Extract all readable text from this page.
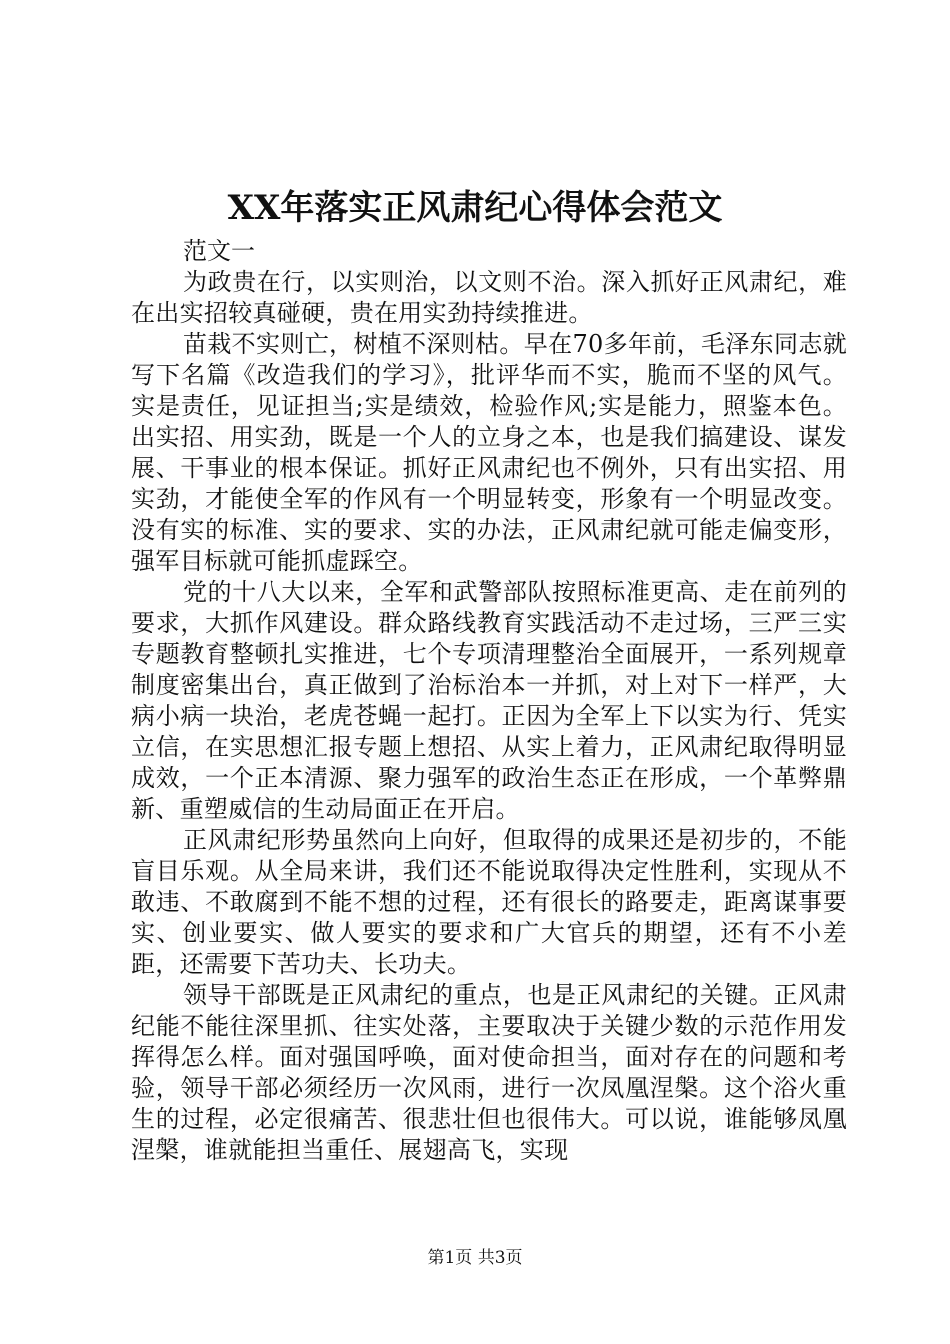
XX年落实正风肃纪心得体会范文

范文一

为政贵在行，以实则治，以文则不治。深入抓好正风肃纪，难在出实招较真碰硬，贵在用实劲持续推进。

苗栽不实则亡，树植不深则枯。早在70多年前，毛泽东同志就写下名篇《改造我们的学习》，批评华而不实，脆而不坚的风气。实是责任，见证担当;实是绩效，检验作风;实是能力，照鉴本色。出实招、用实劲，既是一个人的立身之本，也是我们搞建设、谋发展、干事业的根本保证。抓好正风肃纪也不例外，只有出实招、用实劲，才能使全军的作风有一个明显转变，形象有一个明显改变。没有实的标准、实的要求、实的办法，正风肃纪就可能走偏变形，强军目标就可能抓虚踩空。

党的十八大以来，全军和武警部队按照标准更高、走在前列的要求，大抓作风建设。群众路线教育实践活动不走过场，三严三实专题教育整顿扎实推进，七个专项清理整治全面展开，一系列规章制度密集出台，真正做到了治标治本一并抓，对上对下一样严，大病小病一块治，老虎苍蝇一起打。正因为全军上下以实为行、凭实立信，在实思想汇报专题上想招、从实上着力，正风肃纪取得明显成效，一个正本清源、聚力强军的政治生态正在形成，一个革弊鼎新、重塑威信的生动局面正在开启。

正风肃纪形势虽然向上向好，但取得的成果还是初步的，不能盲目乐观。从全局来讲，我们还不能说取得决定性胜利，实现从不敢违、不敢腐到不能不想的过程，还有很长的路要走，距离谋事要实、创业要实、做人要实的要求和广大官兵的期望，还有不小差距，还需要下苦功夫、长功夫。

领导干部既是正风肃纪的重点，也是正风肃纪的关键。正风肃纪能不能往深里抓、往实处落，主要取决于关键少数的示范作用发挥得怎么样。面对强国呼唤，面对使命担当，面对存在的问题和考验，领导干部必须经历一次风雨，进行一次凤凰涅槃。这个浴火重生的过程，必定很痛苦、很悲壮但也很伟大。可以说，谁能够凤凰涅槃，谁就能担当重任、展翅高飞，实现

第1页 共3页
